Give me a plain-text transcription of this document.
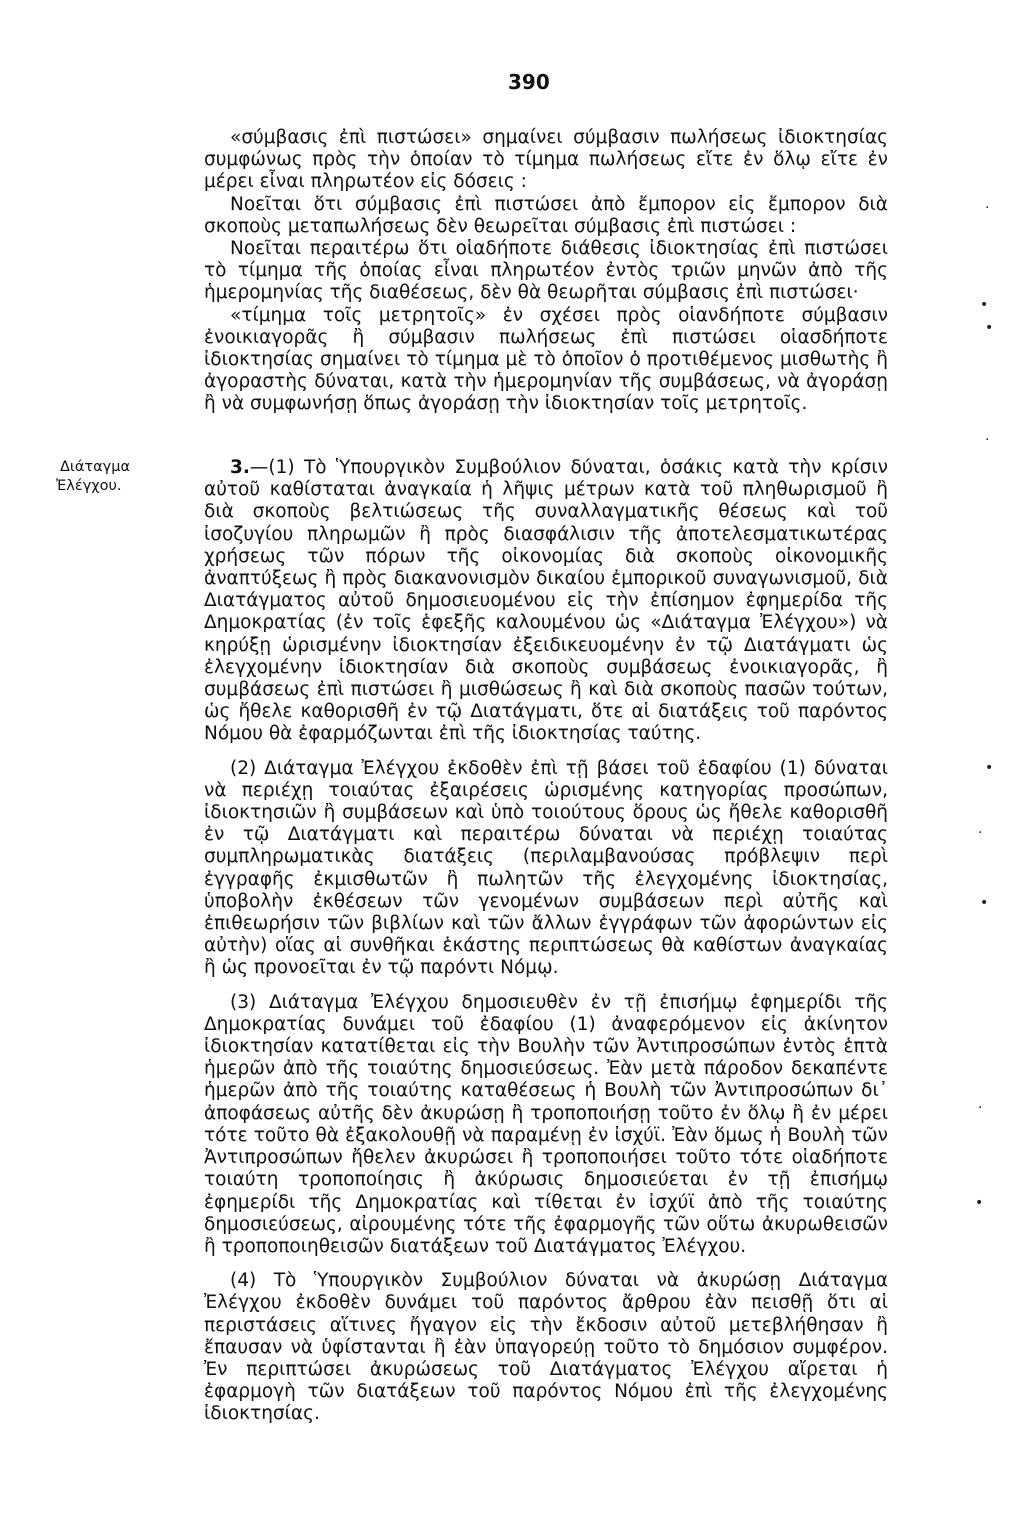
390

«σύμβασις ἐπὶ πιστώσει» σημαίνει σύμβασιν πωλήσεως ἰδιοκτησίας συμφώνως πρὸς τὴν ὁποίαν τὸ τίμημα πωλήσεως εἴτε ἐν ὅλῳ εἴτε ἐν μέρει εἶναι πληρωτέον εἰς δόσεις :

Νοεῖται ὅτι σύμβασις ἐπὶ πιστώσει ἀπὸ ἔμπορον εἰς ἔμπορον διὰ σκοποὺς μεταπωλήσεως δὲν θεωρεῖται σύμβασις ἐπὶ πιστώσει :

Νοεῖται περαιτέρω ὅτι οἱαδήποτε διάθεσις ἰδιοκτησίας ἐπὶ πιστώσει τὸ τίμημα τῆς ὁποίας εἶναι πληρωτέον ἐντὸς τριῶν μηνῶν ἀπὸ τῆς ἡμερομηνίας τῆς διαθέσεως, δὲν θὰ θεωρῆται σύμβασις ἐπὶ πιστώσει·

«τίμημα τοῖς μετρητοῖς» ἐν σχέσει πρὸς οἱανδήποτε σύμβασιν ἐνοικιαγορᾶς ἢ σύμβασιν πωλήσεως ἐπὶ πιστώσει οἱασδήποτε ἰδιοκτησίας σημαίνει τὸ τίμημα μὲ τὸ ὁποῖον ὁ προτιθέμενος μισθωτὴς ἢ ἀγοραστὴς δύναται, κατὰ τὴν ἡμερομηνίαν τῆς συμβάσεως, νὰ ἀγοράσῃ ἢ νὰ συμφωνήσῃ ὅπως ἀγοράσῃ τὴν ἰδιοκτησίαν τοῖς μετρητοῖς.

Διάταγμα
Ἐλέγχου.

3.—(1) Τὸ Ὑπουργικὸν Συμβούλιον δύναται, ὁσάκις κατὰ τὴν κρίσιν αὐτοῦ καθίσταται ἀναγκαία ἡ λῆψις μέτρων κατὰ τοῦ πληθωρισμοῦ ἢ διὰ σκοποὺς βελτιώσεως τῆς συναλλαγματικῆς θέσεως καὶ τοῦ ἰσοζυγίου πληρωμῶν ἢ πρὸς διασφάλισιν τῆς ἀποτελεσματικωτέρας χρήσεως τῶν πόρων τῆς οἰκονομίας διὰ σκοποὺς οἰκονομικῆς ἀναπτύξεως ἢ πρὸς διακανονισμὸν δικαίου ἐμπορικοῦ συναγωνισμοῦ, διὰ Διατάγματος αὐτοῦ δημοσιευομένου εἰς τὴν ἐπίσημον ἐφημερίδα τῆς Δημοκρατίας (ἐν τοῖς ἑφεξῆς καλουμένου ὡς «Διάταγμα Ἐλέγχου») νὰ κηρύξῃ ὡρισμένην ἰδιοκτησίαν ἐξειδικευομένην ἐν τῷ Διατάγματι ὡς ἐλεγχομένην ἰδιοκτησίαν διὰ σκοποὺς συμβάσεως ἐνοικιαγορᾶς, ἢ συμβάσεως ἐπὶ πιστώσει ἢ μισθώσεως ἢ καὶ διὰ σκοποὺς πασῶν τούτων, ὡς ἤθελε καθορισθῆ ἐν τῷ Διατάγματι, ὅτε αἱ διατάξεις τοῦ παρόντος Νόμου θὰ ἐφαρμόζωνται ἐπὶ τῆς ἰδιοκτησίας ταύτης.

(2) Διάταγμα Ἐλέγχου ἐκδοθὲν ἐπὶ τῇ βάσει τοῦ ἐδαφίου (1) δύναται νὰ περιέχῃ τοιαύτας ἐξαιρέσεις ὡρισμένης κατηγορίας προσώπων, ἰδιοκτησιῶν ἢ συμβάσεων καὶ ὑπὸ τοιούτους ὅρους ὡς ἤθελε καθορισθῆ ἐν τῷ Διατάγματι καὶ περαιτέρω δύναται νὰ περιέχῃ τοιαύτας συμπληρωματικὰς διατάξεις (περιλαμβανούσας πρόβλεψιν περὶ ἐγγραφῆς ἐκμισθωτῶν ἢ πωλητῶν τῆς ἐλεγχομένης ἰδιοκτησίας, ὑποβολὴν ἐκθέσεων τῶν γενομένων συμβάσεων περὶ αὐτῆς καὶ ἐπιθεωρήσιν τῶν βιβλίων καὶ τῶν ἄλλων ἐγγράφων τῶν ἀφορώντων εἰς αὐτὴν) οἵας αἱ συνθῆκαι ἑκάστης περιπτώσεως θὰ καθίστων ἀναγκαίας ἢ ὡς προνοεῖται ἐν τῷ παρόντι Νόμῳ.

(3) Διάταγμα Ἐλέγχου δημοσιευθὲν ἐν τῇ ἐπισήμῳ ἐφημερίδι τῆς Δημοκρατίας δυνάμει τοῦ ἐδαφίου (1) ἀναφερόμενον εἰς ἀκίνητον ἰδιοκτησίαν κατατίθεται εἰς τὴν Βουλὴν τῶν Ἀντιπροσώπων ἐντὸς ἑπτὰ ἡμερῶν ἀπὸ τῆς τοιαύτης δημοσιεύσεως. Ἐὰν μετὰ πάροδον δεκαπέντε ἡμερῶν ἀπὸ τῆς τοιαύτης καταθέσεως ἡ Βουλὴ τῶν Ἀντιπροσώπων δι᾿ ἀποφάσεως αὐτῆς δὲν ἀκυρώσῃ ἢ τροποποιήσῃ τοῦτο ἐν ὅλῳ ἢ ἐν μέρει τότε τοῦτο θὰ ἐξακολουθῇ νὰ παραμένῃ ἐν ἰσχύϊ. Ἐὰν ὅμως ἡ Βουλὴ τῶν Ἀντιπροσώπων ἤθελεν ἀκυρώσει ἢ τροποποιήσει τοῦτο τότε οἱαδήποτε τοιαύτη τροποποίησις ἢ ἀκύρωσις δημοσιεύεται ἐν τῇ ἐπισήμῳ ἐφημερίδι τῆς Δημοκρατίας καὶ τίθεται ἐν ἰσχύϊ ἀπὸ τῆς τοιαύτης δημοσιεύσεως, αἰρουμένης τότε τῆς ἐφαρμογῆς τῶν οὕτω ἀκυρωθεισῶν ἢ τροποποιηθεισῶν διατάξεων τοῦ Διατάγματος Ἐλέγχου.

(4) Τὸ Ὑπουργικὸν Συμβούλιον δύναται νὰ ἀκυρώσῃ Διάταγμα Ἐλέγχου ἐκδοθὲν δυνάμει τοῦ παρόντος ἄρθρου ἐὰν πεισθῇ ὅτι αἱ περιστάσεις αἵτινες ἤγαγον εἰς τὴν ἔκδοσιν αὐτοῦ μετεβλήθησαν ἢ ἔπαυσαν νὰ ὑφίστανται ἢ ἐὰν ὑπαγορεύῃ τοῦτο τὸ δημόσιον συμφέρον. Ἐν περιπτώσει ἀκυρώσεως τοῦ Διατάγματος Ἐλέγχου αἴρεται ἡ ἐφαρμογὴ τῶν διατάξεων τοῦ παρόντος Νόμου ἐπὶ τῆς ἐλεγχομένης ἰδιοκτησίας.

·
•
•
·
•
·
•
·
•
